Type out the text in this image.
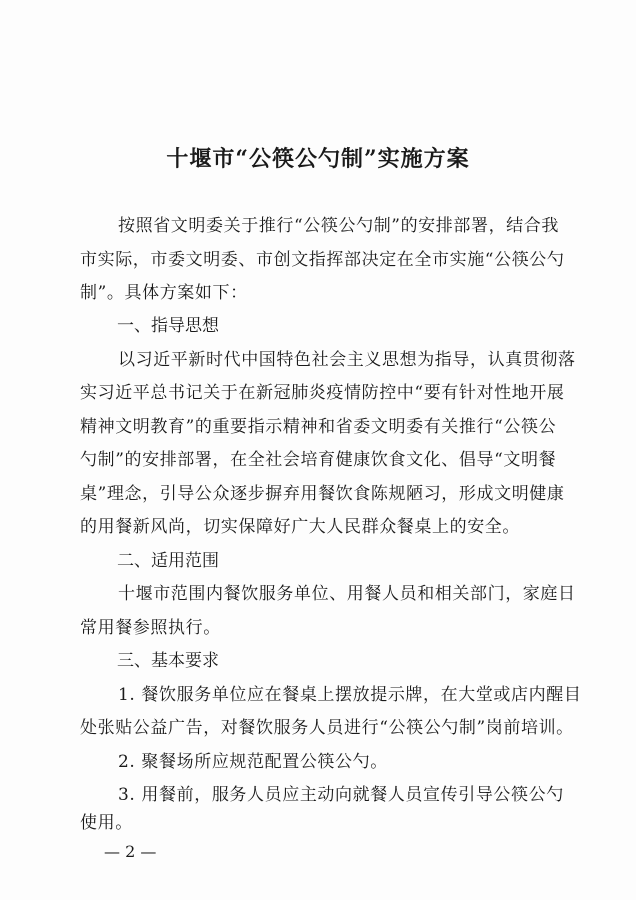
十堰市“公筷公勺制”实施方案
按照省文明委关于推行“公筷公勺制”的安排部署，结合我
市实际，市委文明委、市创文指挥部决定在全市实施“公筷公勺
制”。具体方案如下：
一、指导思想
以习近平新时代中国特色社会主义思想为指导，认真贯彻落
实习近平总书记关于在新冠肺炎疫情防控中“要有针对性地开展
精神文明教育”的重要指示精神和省委文明委有关推行“公筷公
勺制”的安排部署，在全社会培育健康饮食文化、倡导“文明餐
桌”理念，引导公众逐步摒弃用餐饮食陈规陋习，形成文明健康
的用餐新风尚，切实保障好广大人民群众餐桌上的安全。
二、适用范围
十堰市范围内餐饮服务单位、用餐人员和相关部门，家庭日
常用餐参照执行。
三、基本要求
1. 餐饮服务单位应在餐桌上摆放提示牌，在大堂或店内醒目
处张贴公益广告，对餐饮服务人员进行“公筷公勺制”岗前培训。
2. 聚餐场所应规范配置公筷公勺。
3. 用餐前，服务人员应主动向就餐人员宣传引导公筷公勺
使用。
— 2 —
